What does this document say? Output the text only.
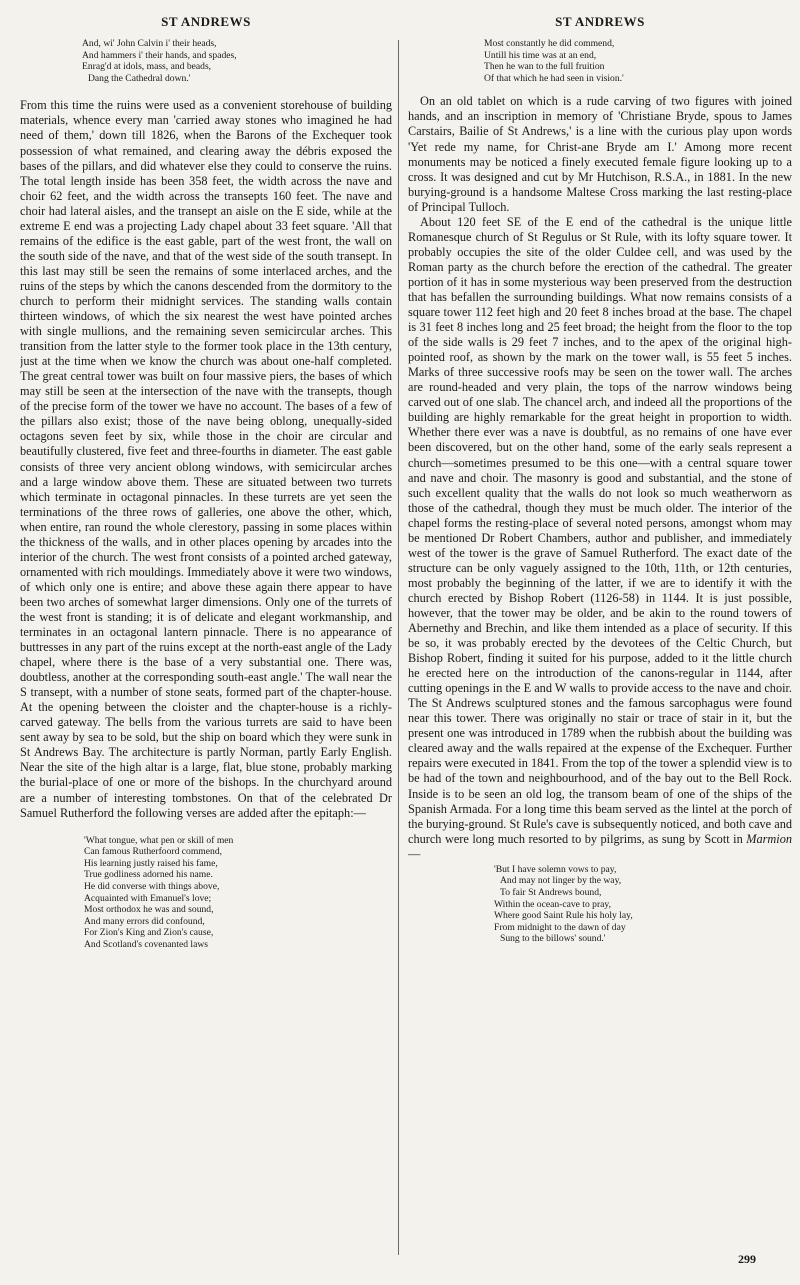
ST ANDREWS
And, wi' John Calvin i' their heads,
And hammers i' their hands, and spades,
Enrag'd at idols, mass, and beads,
Dang the Cathedral down.'

From this time the ruins were used as a convenient storehouse of building materials, whence every man 'carried away stones who imagined he had need of them,' down till 1826, when the Barons of the Exchequer took possession of what remained, and clearing away the débris exposed the bases of the pillars, and did whatever else they could to conserve the ruins. The total length inside has been 358 feet, the width across the nave and choir 62 feet, and the width across the transepts 160 feet. The nave and choir had lateral aisles, and the transept an aisle on the E side, while at the extreme E end was a projecting Lady chapel about 33 feet square. 'All that remains of the edifice is the east gable, part of the west front, the wall on the south side of the nave, and that of the west side of the south transept. In this last may still be seen the remains of some interlaced arches, and the ruins of the steps by which the canons descended from the dormitory to the church to perform their midnight services. The standing walls contain thirteen windows, of which the six nearest the west have pointed arches with single mullions, and the remaining seven semicircular arches. This transition from the latter style to the former took place in the 13th century, just at the time when we know the church was about one-half completed. The great central tower was built on four massive piers, the bases of which may still be seen at the intersection of the nave with the transepts, though of the precise form of the tower we have no account. The bases of a few of the pillars also exist; those of the nave being oblong, unequally-sided octagons seven feet by six, while those in the choir are circular and beautifully clustered, five feet and three-fourths in diameter. The east gable consists of three very ancient oblong windows, with semicircular arches and a large window above them. These are situated between two turrets which terminate in octagonal pinnacles. In these turrets are yet seen the terminations of the three rows of galleries, one above the other, which, when entire, ran round the whole clerestory, passing in some places within the thickness of the walls, and in other places opening by arcades into the interior of the church. The west front consists of a pointed arched gateway, ornamented with rich mouldings. Immediately above it were two windows, of which only one is entire; and above these again there appear to have been two arches of somewhat larger dimensions. Only one of the turrets of the west front is standing; it is of delicate and elegant workmanship, and terminates in an octagonal lantern pinnacle. There is no appearance of buttresses in any part of the ruins except at the north-east angle of the Lady chapel, where there is the base of a very substantial one. There was, doubtless, another at the corresponding south-east angle.' The wall near the S transept, with a number of stone seats, formed part of the chapter-house. At the opening between the cloister and the chapter-house is a richly-carved gateway. The bells from the various turrets are said to have been sent away by sea to be sold, but the ship on board which they were sunk in St Andrews Bay. The architecture is partly Norman, partly Early English. Near the site of the high altar is a large, flat, blue stone, probably marking the burial-place of one or more of the bishops. In the churchyard around are a number of interesting tombstones. On that of the celebrated Dr Samuel Rutherford the following verses are added after the epitaph:—

'What tongue, what pen or skill of men
Can famous Rutherfoord commend,
His learning justly raised his fame,
True godliness adorned his name.
He did converse with things above,
Acquainted with Emanuel's love;
Most orthodox he was and sound,
And many errors did confound,
For Zion's King and Zion's cause,
And Scotland's covenanted laws
ST ANDREWS
Most constantly he did commend,
Untill his time was at an end,
Then he wan to the full fruition
Of that which he had seen in vision.'

On an old tablet on which is a rude carving of two figures with joined hands, and an inscription in memory of 'Christiane Bryde, spous to James Carstairs, Bailie of St Andrews,' is a line with the curious play upon words 'Yet rede my name, for Christ-ane Bryde am I.' Among more recent monuments may be noticed a finely executed female figure looking up to a cross. It was designed and cut by Mr Hutchison, R.S.A., in 1881. In the new burying-ground is a handsome Maltese Cross marking the last resting-place of Principal Tulloch.

About 120 feet SE of the E end of the cathedral is the unique little Romanesque church of St Regulus or St Rule, with its lofty square tower. It probably occupies the site of the older Culdee cell, and was used by the Roman party as the church before the erection of the cathedral. The greater portion of it has in some mysterious way been preserved from the destruction that has befallen the surrounding buildings. What now remains consists of a square tower 112 feet high and 20 feet 8 inches broad at the base. The chapel is 31 feet 8 inches long and 25 feet broad; the height from the floor to the top of the side walls is 29 feet 7 inches, and to the apex of the original high-pointed roof, as shown by the mark on the tower wall, is 55 feet 5 inches. Marks of three successive roofs may be seen on the tower wall. The arches are round-headed and very plain, the tops of the narrow windows being carved out of one slab. The chancel arch, and indeed all the proportions of the building are highly remarkable for the great height in proportion to width. Whether there ever was a nave is doubtful, as no remains of one have ever been discovered, but on the other hand, some of the early seals represent a church—sometimes presumed to be this one—with a central square tower and nave and choir. The masonry is good and substantial, and the stone of such excellent quality that the walls do not look so much weatherworn as those of the cathedral, though they must be much older. The interior of the chapel forms the resting-place of several noted persons, amongst whom may be mentioned Dr Robert Chambers, author and publisher, and immediately west of the tower is the grave of Samuel Rutherford. The exact date of the structure can be only vaguely assigned to the 10th, 11th, or 12th centuries, most probably the beginning of the latter, if we are to identify it with the church erected by Bishop Robert (1126-58) in 1144. It is just possible, however, that the tower may be older, and be akin to the round towers of Abernethy and Brechin, and like them intended as a place of security. If this be so, it was probably erected by the devotees of the Celtic Church, but Bishop Robert, finding it suited for his purpose, added to it the little church he erected here on the introduction of the canons-regular in 1144, after cutting openings in the E and W walls to provide access to the nave and choir. The St Andrews sculptured stones and the famous sarcophagus were found near this tower. There was originally no stair or trace of stair in it, but the present one was introduced in 1789 when the rubbish about the building was cleared away and the walls repaired at the expense of the Exchequer. Further repairs were executed in 1841. From the top of the tower a splendid view is to be had of the town and neighbourhood, and of the bay out to the Bell Rock. Inside is to be seen an old log, the transom beam of one of the ships of the Spanish Armada. For a long time this beam served as the lintel at the porch of the burying-ground. St Rule's cave is subsequently noticed, and both cave and church were long much resorted to by pilgrims, as sung by Scott in Marmion—

'But I have solemn vows to pay,
And may not linger by the way,
To fair St Andrews bound,
Within the ocean-cave to pray,
Where good Saint Rule his holy lay,
From midnight to the dawn of day
Sung to the billows' sound.'
299
